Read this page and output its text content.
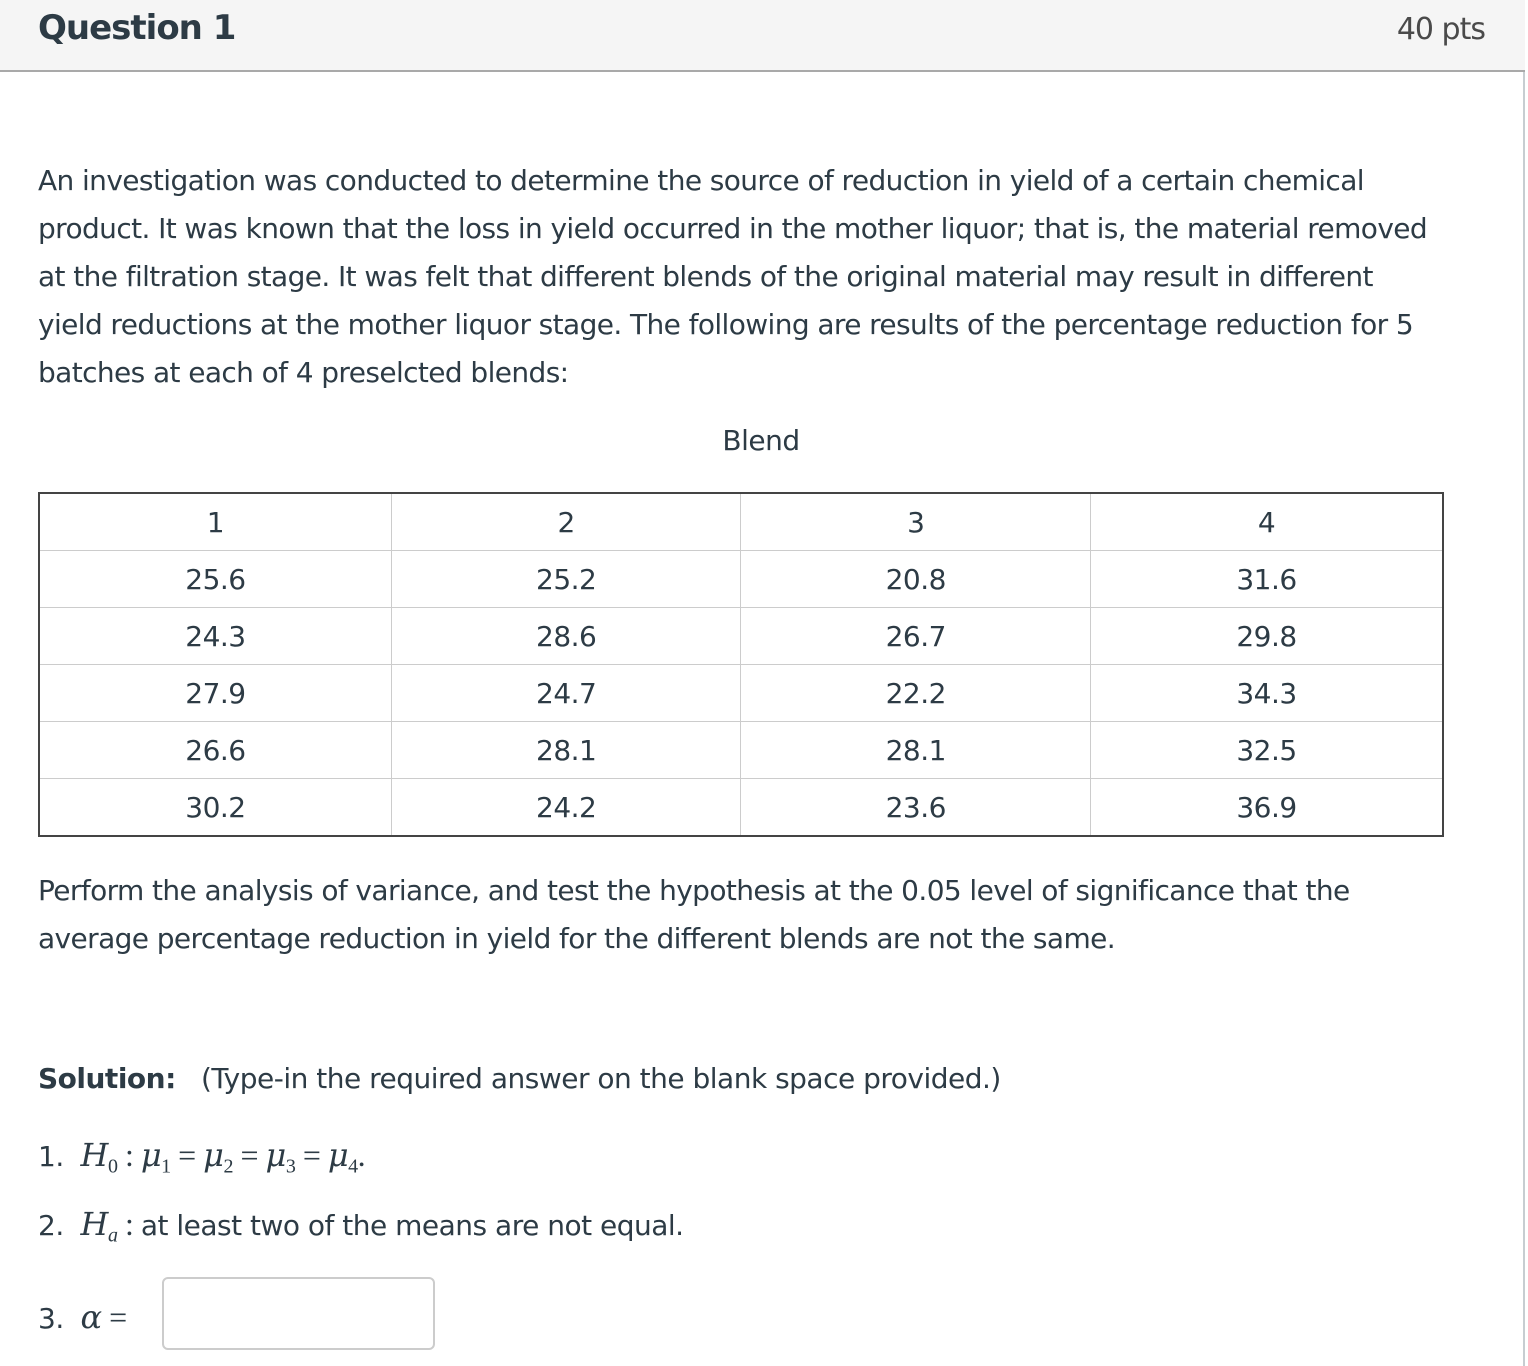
Question 1	40 pts
An investigation was conducted to determine the source of reduction in yield of a certain chemical
product. It was known that the loss in yield occurred in the mother liquor; that is, the material removed
at the filtration stage. It was felt that different blends of the original material may result in different
yield reductions at the mother liquor stage. The following are results of the percentage reduction for 5
batches at each of 4 preselcted blends:
Blend
1	2	3	4
25.6	25.2	20.8	31.6
24.3	28.6	26.7	29.8
27.9	24.7	22.2	34.3
26.6	28.1	28.1	32.5
30.2	24.2	23.6	36.9
Perform the analysis of variance, and test the hypothesis at the 0.05 level of significance that the
average percentage reduction in yield for the different blends are not the same.
Solution: (Type-in the required answer on the blank space provided.)
1. $H_0$ : $\mu_1 = \mu_2 = \mu_3 = \mu_4$.
2. $H_a$ : at least two of the means are not equal.
3. α =
